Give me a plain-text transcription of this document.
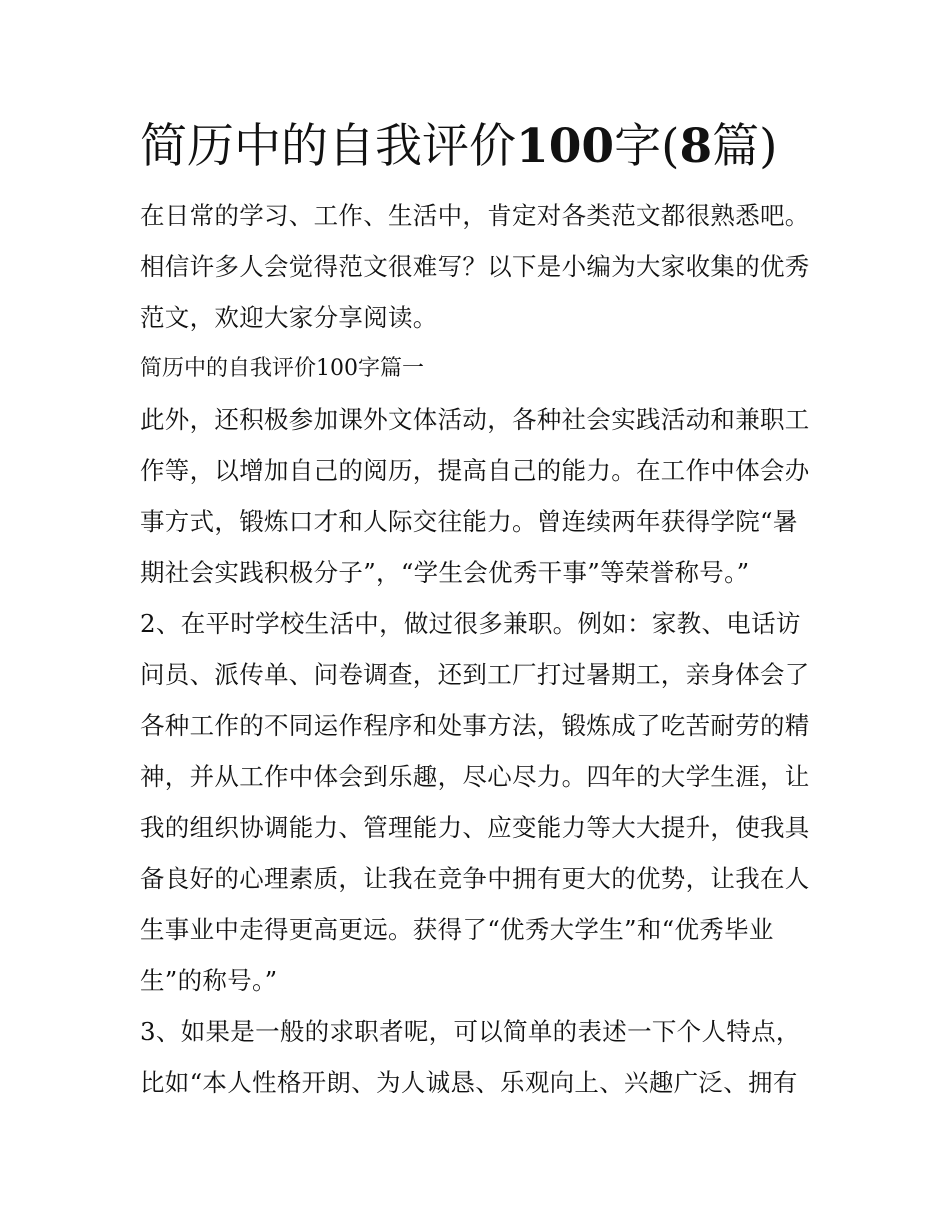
简历中的自我评价100字(8篇)

在日常的学习、工作、生活中，肯定对各类范文都很熟悉吧。相信许多人会觉得范文很难写？以下是小编为大家收集的优秀范文，欢迎大家分享阅读。

简历中的自我评价100字篇一

此外，还积极参加课外文体活动，各种社会实践活动和兼职工作等，以增加自己的阅历，提高自己的能力。在工作中体会办事方式，锻炼口才和人际交往能力。曾连续两年获得学院“暑期社会实践积极分子”，“学生会优秀干事”等荣誉称号。”

2、在平时学校生活中，做过很多兼职。例如：家教、电话访问员、派传单、问卷调查，还到工厂打过暑期工，亲身体会了各种工作的不同运作程序和处事方法，锻炼成了吃苦耐劳的精神，并从工作中体会到乐趣，尽心尽力。四年的大学生涯，让我的组织协调能力、管理能力、应变能力等大大提升，使我具备良好的心理素质，让我在竞争中拥有更大的优势，让我在人生事业中走得更高更远。获得了“优秀大学生”和“优秀毕业生”的称号。”

3、如果是一般的求职者呢，可以简单的表述一下个人特点，比如“本人性格开朗、为人诚恳、乐观向上、兴趣广泛、拥有
